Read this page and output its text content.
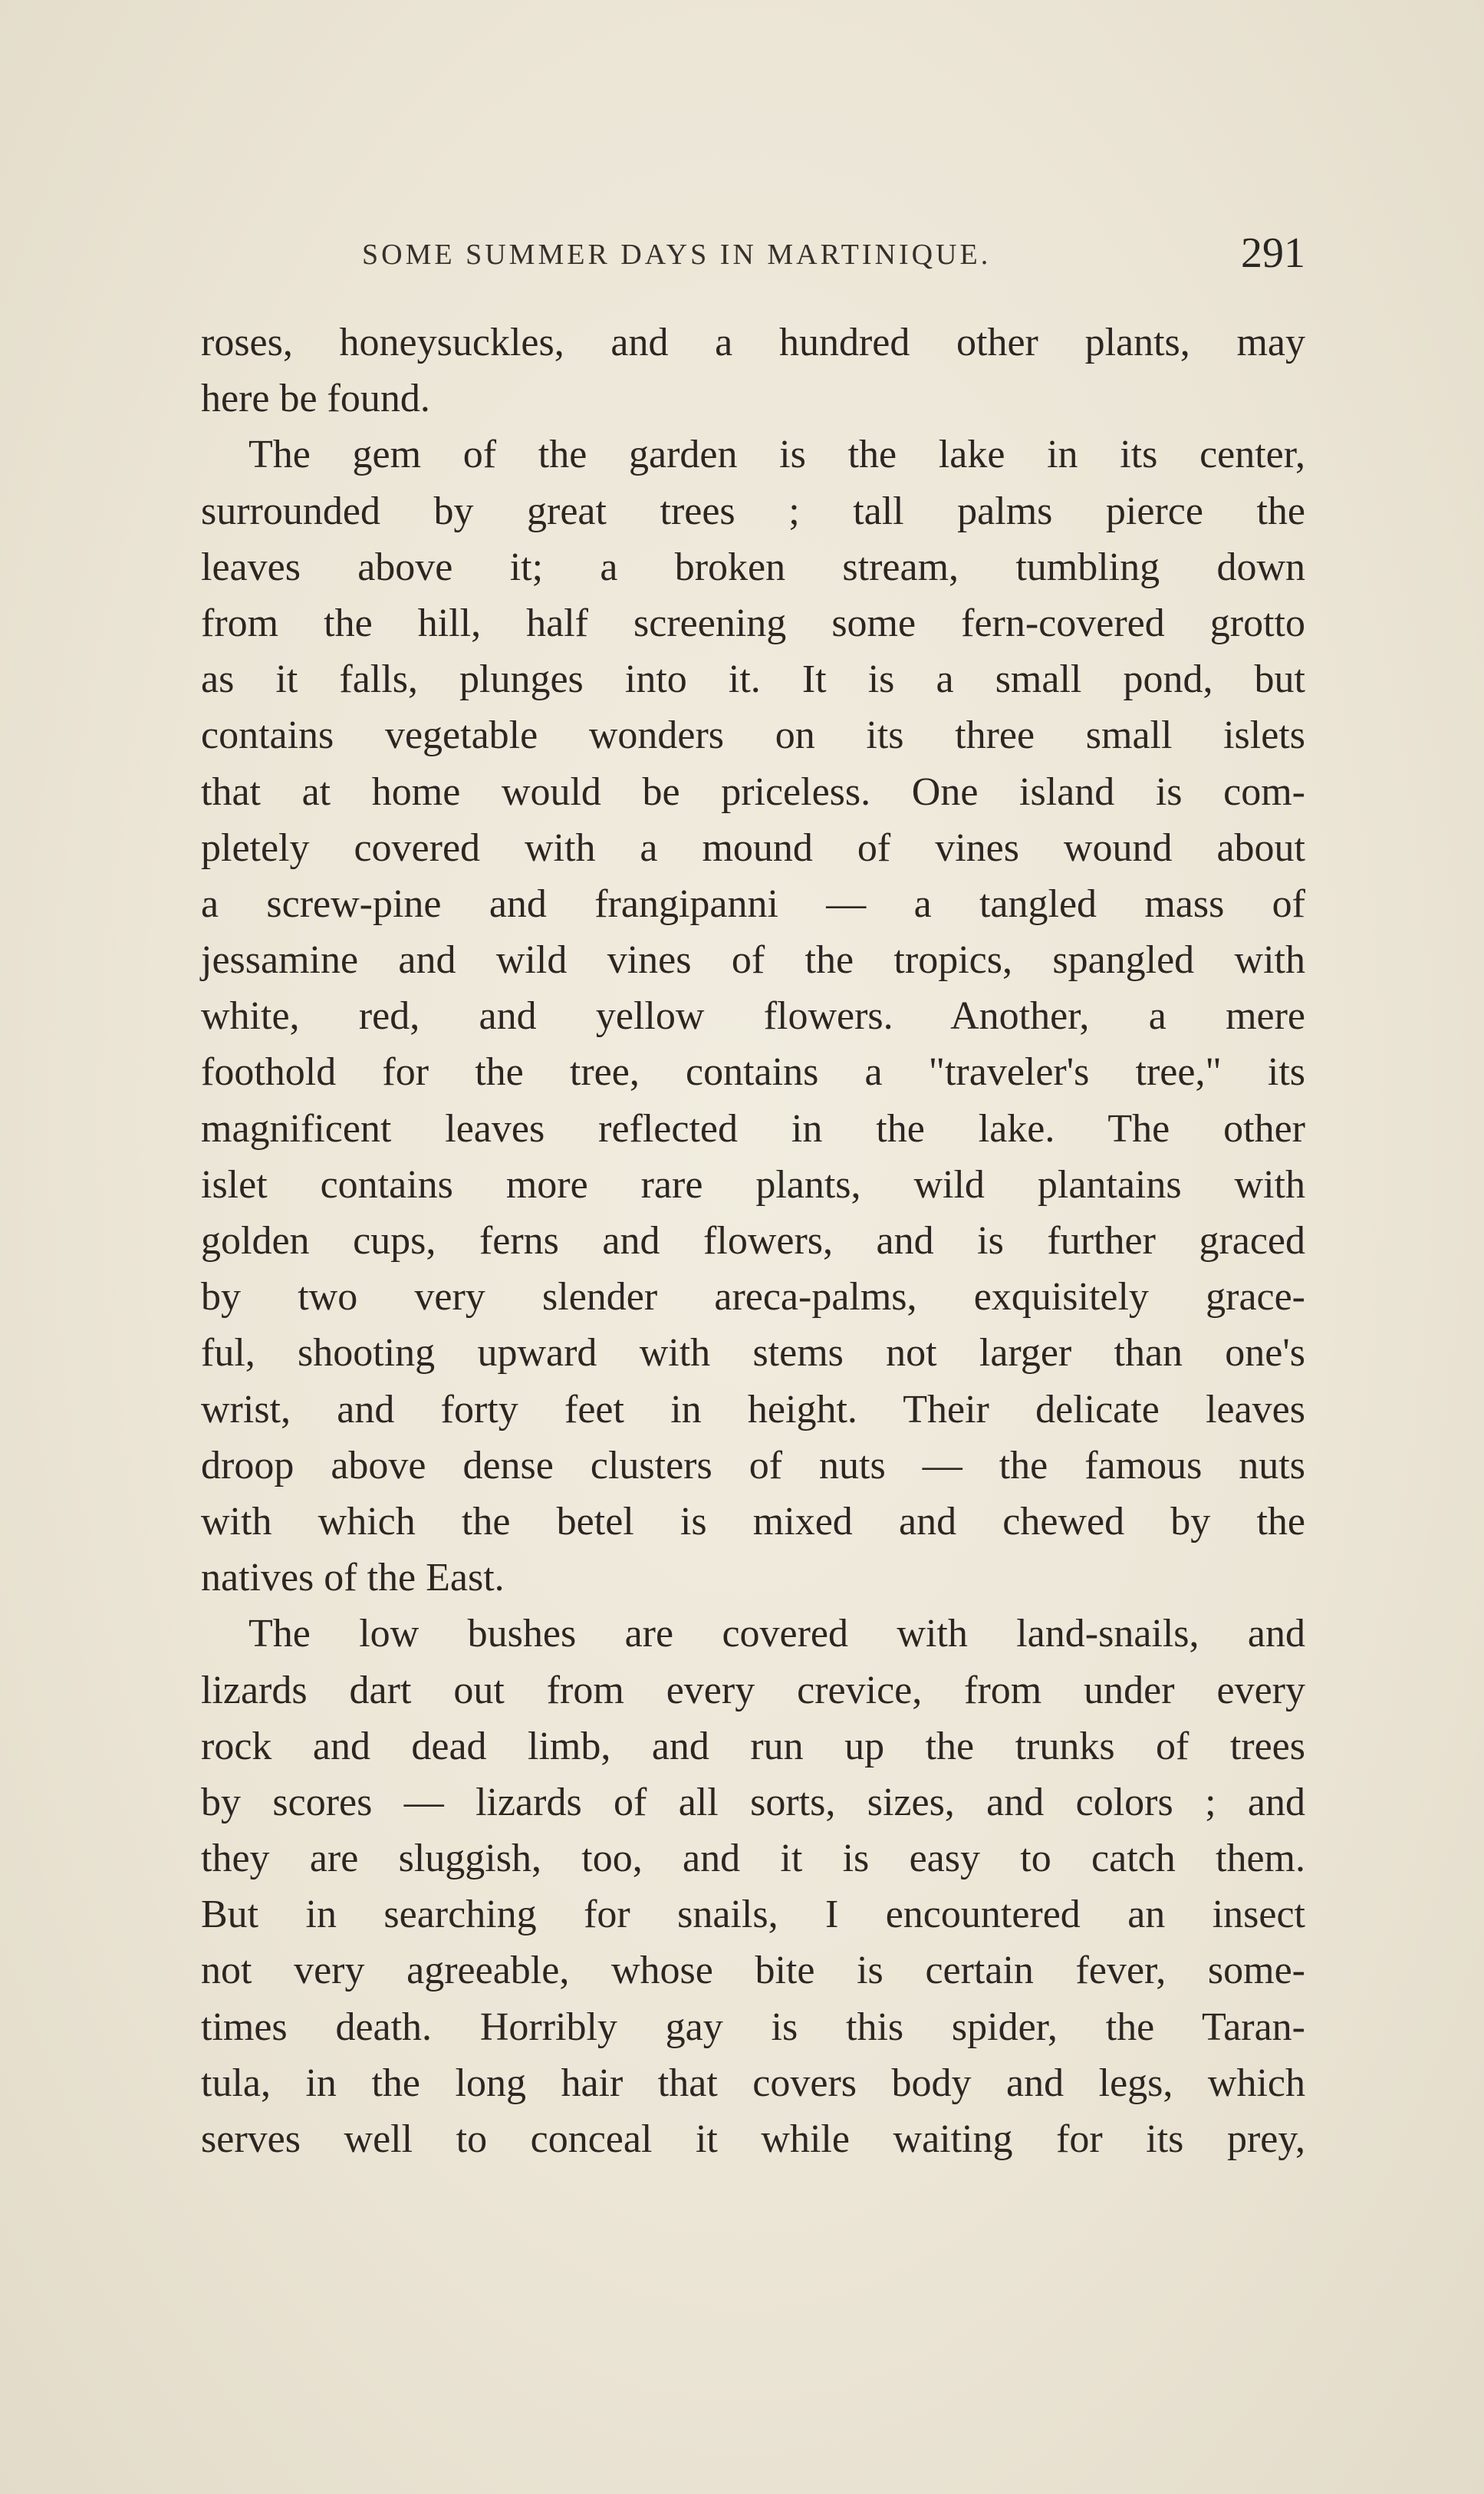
SOME SUMMER DAYS IN MARTINIQUE.	291
roses, honeysuckles, and a hundred other plants, may
here be found.
The gem of the garden is the lake in its center,
surrounded by great trees ; tall palms pierce the
leaves above it; a broken stream, tumbling down
from the hill, half screening some fern-covered grotto
as it falls, plunges into it. It is a small pond, but
contains vegetable wonders on its three small islets
that at home would be priceless. One island is com-
pletely covered with a mound of vines wound about
a screw-pine and frangipanni — a tangled mass of
jessamine and wild vines of the tropics, spangled with
white, red, and yellow flowers. Another, a mere
foothold for the tree, contains a "traveler's tree," its
magnificent leaves reflected in the lake. The other
islet contains more rare plants, wild plantains with
golden cups, ferns and flowers, and is further graced
by two very slender areca-palms, exquisitely grace-
ful, shooting upward with stems not larger than one's
wrist, and forty feet in height. Their delicate leaves
droop above dense clusters of nuts — the famous nuts
with which the betel is mixed and chewed by the
natives of the East.
The low bushes are covered with land-snails, and
lizards dart out from every crevice, from under every
rock and dead limb, and run up the trunks of trees
by scores — lizards of all sorts, sizes, and colors ; and
they are sluggish, too, and it is easy to catch them.
But in searching for snails, I encountered an insect
not very agreeable, whose bite is certain fever, some-
times death. Horribly gay is this spider, the Taran-
tula, in the long hair that covers body and legs, which
serves well to conceal it while waiting for its prey,
